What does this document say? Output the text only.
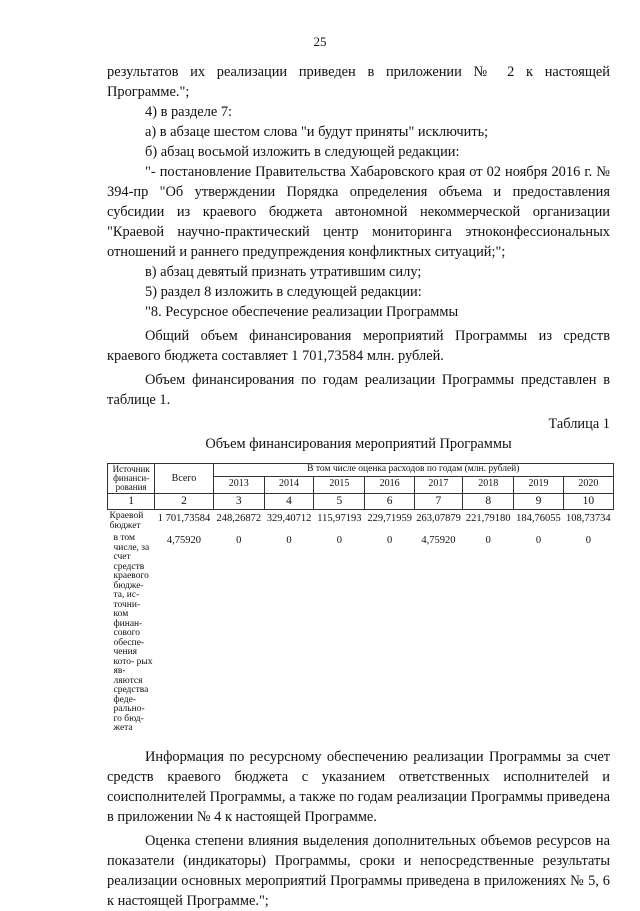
25

результатов их реализации приведен в приложении № 2 к настоящей Программе.";

4) в разделе 7:

а) в абзаце шестом слова "и будут приняты" исключить;

б) абзац восьмой изложить в следующей редакции:

"- постановление Правительства Хабаровского края от 02 ноября 2016 г. № 394-пр "Об утверждении Порядка определения объема и предоставления субсидии из краевого бюджета автономной некоммерческой организации "Краевой научно-практический центр мониторинга этноконфессиональных отношений и раннего предупреждения конфликтных ситуаций;";

в) абзац девятый признать утратившим силу;

5) раздел 8 изложить в следующей редакции:

"8. Ресурсное обеспечение реализации Программы

Общий объем финансирования мероприятий Программы из средств краевого бюджета составляет 1 701,73584 млн. рублей.

Объем финансирования по годам реализации Программы представлен в таблице 1.

Таблица 1

Объем финансирования мероприятий Программы

Источник финанси- рования	Всего	В том числе оценка расходов по годам (млн. рублей)							
		2013	2014	2015	2016	2017	2018	2019	2020
1	2	3	4	5	6	7	8	9	10
Краевой бюджет	1 701,73584	248,26872	329,40712	115,97193	229,71959	263,07879	221,79180	184,76055	108,73734
в том числе, за счет средств краевого бюдже- та, ис- точни- ком финан- сового обеспе- чения кото- рых яв- ляются средства феде- рально- го бюд- жета	4,75920	0	0	0	0	4,75920	0	0	0

Информация по ресурсному обеспечению реализации Программы за счет средств краевого бюджета с указанием ответственных исполнителей и соисполнителей Программы, а также по годам реализации Программы приведена в приложении № 4 к настоящей Программе.

Оценка степени влияния выделения дополнительных объемов ресурсов на показатели (индикаторы) Программы, сроки и непосредственные результаты реализации основных мероприятий Программы приведена в приложениях № 5, 6 к настоящей Программе.";
